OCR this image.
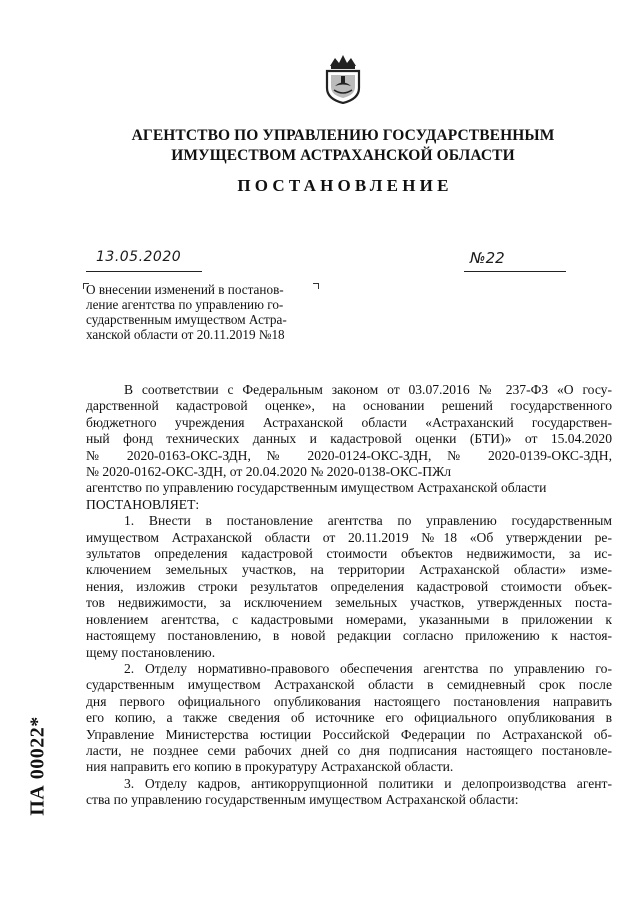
АГЕНТСТВО ПО УПРАВЛЕНИЮ ГОСУДАРСТВЕННЫМ
ИМУЩЕСТВОМ АСТРАХАНСКОЙ ОБЛАСТИ
ПОСТАНОВЛЕНИЕ
13.05.2020	№22
О внесении изменений в постанов-
ление агентства по управлению го-
сударственным имуществом Астра-
ханской области от 20.11.2019 №18
В соответствии с Федеральным законом от 03.07.2016 № 237-ФЗ «О госу-
дарственной кадастровой оценке», на основании решений государственного
бюджетного учреждения Астраханской области «Астраханский государствен-
ный фонд технических данных и кадастровой оценки (БТИ)» от 15.04.2020
№ 2020-0163-ОКС-ЗДН, № 2020-0124-ОКС-ЗДН, № 2020-0139-ОКС-ЗДН,
№ 2020-0162-ОКС-ЗДН, от 20.04.2020 № 2020-0138-ОКС-ПЖл
агентство по управлению государственным имуществом Астраханской области
ПОСТАНОВЛЯЕТ:
1. Внести в постановление агентства по управлению государственным
имуществом Астраханской области от 20.11.2019 №18 «Об утверждении ре-
зультатов определения кадастровой стоимости объектов недвижимости, за ис-
ключением земельных участков, на территории Астраханской области» изме-
нения, изложив строки результатов определения кадастровой стоимости объек-
тов недвижимости, за исключением земельных участков, утвержденных поста-
новлением агентства, с кадастровыми номерами, указанными в приложении к
настоящему постановлению, в новой редакции согласно приложению к настоя-
щему постановлению.
2. Отделу нормативно-правового обеспечения агентства по управлению го-
сударственным имуществом Астраханской области в семидневный срок после
дня первого официального опубликования настоящего постановления направить
его копию, а также сведения об источнике его официального опубликования в
Управление Министерства юстиции Российской Федерации по Астраханской об-
ласти, не позднее семи рабочих дней со дня подписания настоящего постановле-
ния направить его копию в прокуратуру Астраханской области.
3. Отделу кадров, антикоррупционной политики и делопроизводства агент-
ства по управлению государственным имуществом Астраханской области:
ПА 00022*
